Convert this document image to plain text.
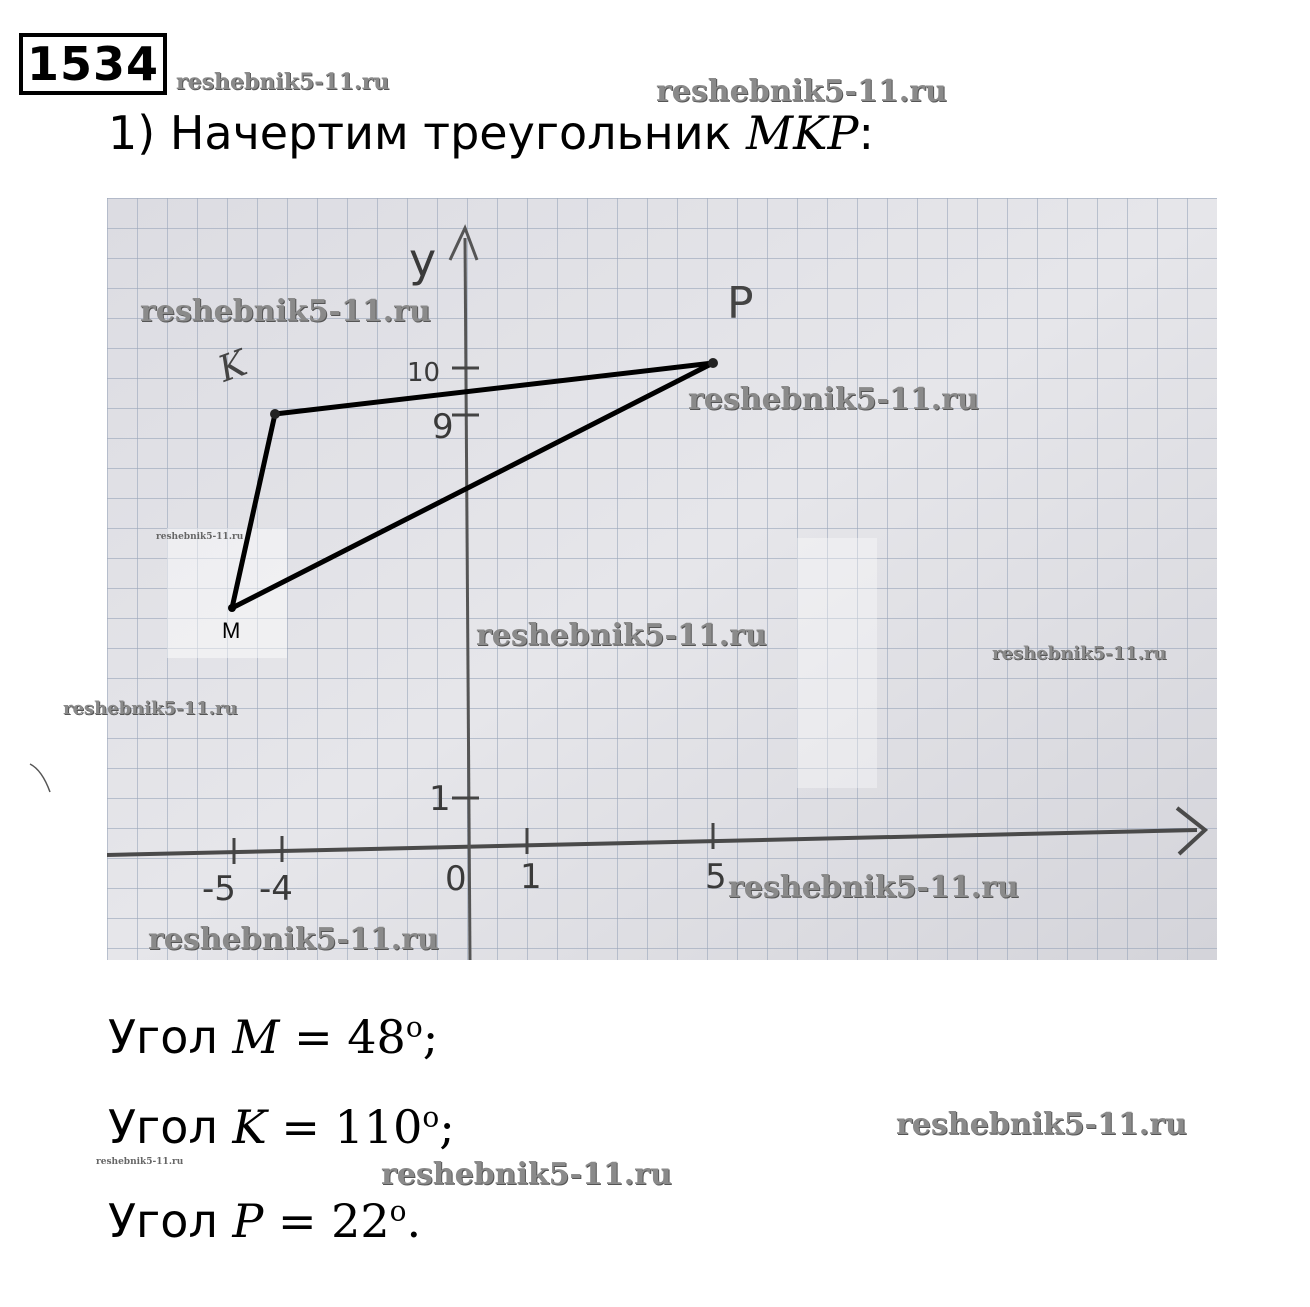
1534 reshebnik5-11.ru	reshebnik5-11.ru
1) Начертим треугольник MKP:
-5 -4	0 1	5
1
9
10
y
M
K
P
reshebnik5-11.ru
reshebnik5-11.ru
reshebnik5-11.ru
reshebnik5-11.ru
reshebnik5-11.ru
reshebnik5-11.ru
reshebnik5-11.ru
reshebnik5-11.ru
Угол $M = 48^o$;
Угол $K = 110^o$;
Угол $P = 22^o$.
reshebnik5-11.ru
reshebnik5-11.ru	reshebnik5-11.ru
